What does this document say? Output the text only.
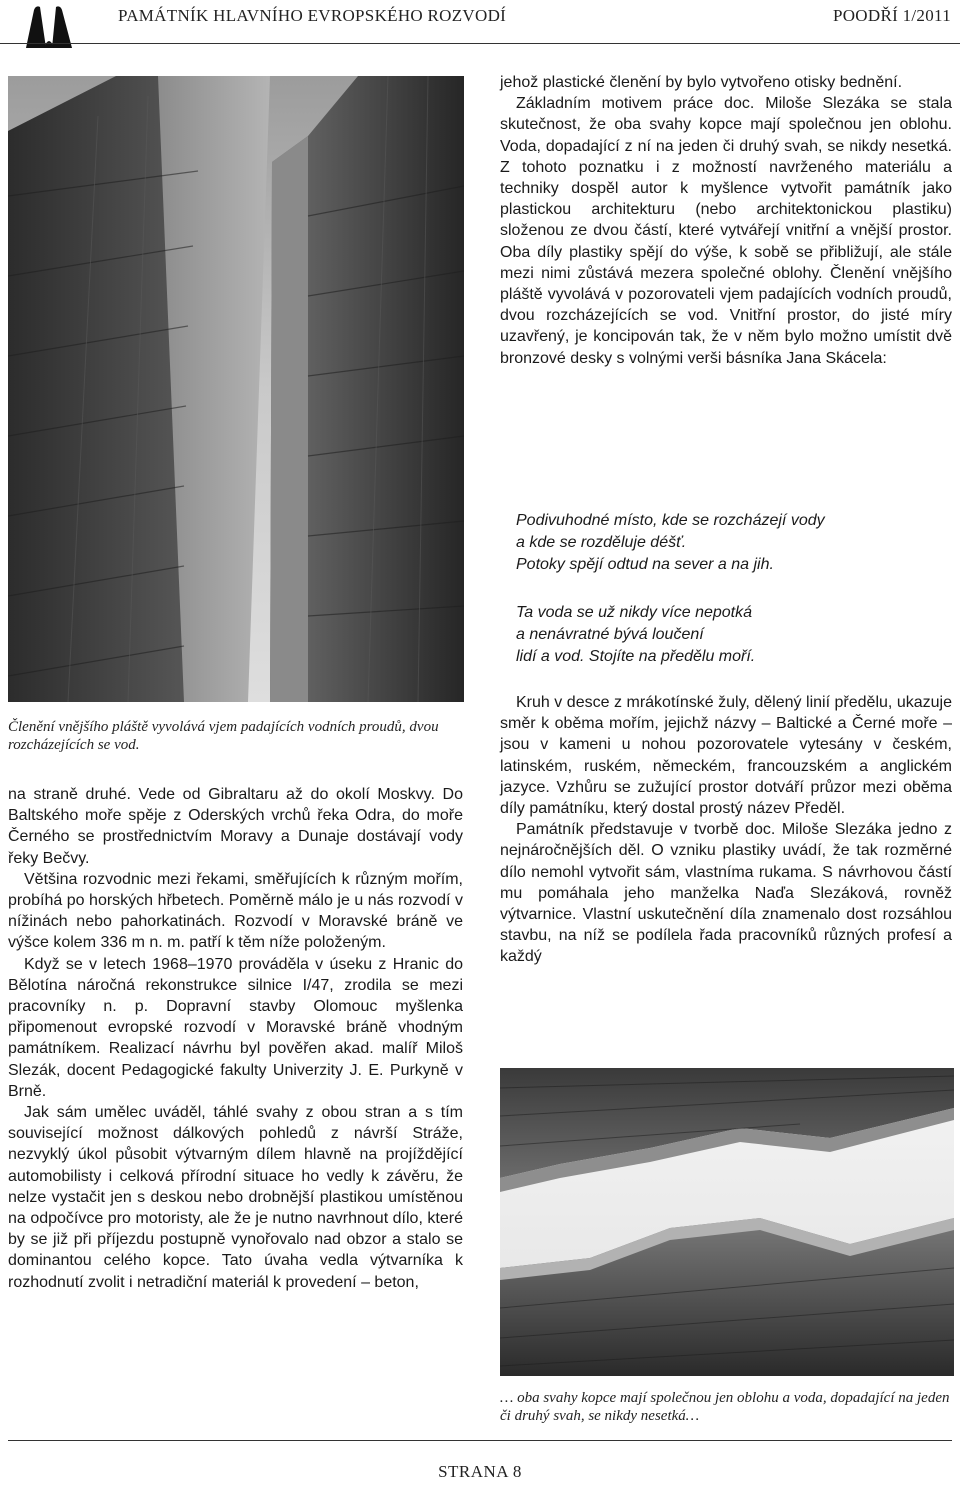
PAMÁTNÍK HLAVNÍHO EVROPSKÉHO ROZVODÍ	POODŘÍ 1/2011
Členění vnějšího pláště vyvolává vjem padajících vodních proudů, dvou rozcházejících se vod.

jehož plastické členění by bylo vytvořeno otisky bednění.

Základním motivem práce doc. Miloše Slezáka se stala skutečnost, že oba svahy kopce mají společnou jen oblohu. Voda, dopadající z ní na jeden či druhý svah, se nikdy nesetká. Z tohoto poznatku i z možností navrženého materiálu a techniky dospěl autor k myšlence vytvořit památník jako plastickou architekturu (nebo architektonickou plastiku) složenou ze dvou částí, které vytvářejí vnitřní a vnější prostor. Oba díly plastiky spějí do výše, k sobě se přibližují, ale stále mezi nimi zůstává mezera společné oblohy. Členění vnějšího pláště vyvolává v pozorovateli vjem padajících vodních proudů, dvou rozcházejících se vod. Vnitřní prostor, do jisté míry uzavřený, je koncipován tak, že v něm bylo možno umístit dvě bronzové desky s volnými verši básníka Jana Skácela:

Podivuhodné místo, kde se rozcházejí vody
a kde se rozděluje déšť.
Potoky spějí odtud na sever a na jih.
Ta voda se už nikdy více nepotká
a nenávratné bývá loučení
lidí a vod. Stojíte na předělu moří.

na straně druhé. Vede od Gibraltaru až do okolí Moskvy. Do Baltského moře spěje z Oderských vrchů řeka Odra, do moře Černého se prostřednictvím Moravy a Dunaje dostávají vody řeky Bečvy.

Většina rozvodnic mezi řekami, směřujících k různým mořím, probíhá po horských hřbetech. Poměrně málo je u nás rozvodí v nížinách nebo pahorkatinách. Rozvodí v Moravské bráně ve výšce kolem 336 m n. m. patří k těm níže položeným.

Když se v letech 1968–1970 prováděla v úseku z Hranic do Bělotína náročná rekonstrukce silnice I/47, zrodila se mezi pracovníky n. p. Dopravní stavby Olomouc myšlenka připomenout evropské rozvodí v Moravské bráně vhodným památníkem. Realizací návrhu byl pověřen akad. malíř Miloš Slezák, docent Pedagogické fakulty Univerzity J. E. Purkyně v Brně.

Jak sám umělec uváděl, táhlé svahy z obou stran a s tím související možnost dálkových pohledů z návrší Stráže, nezvyklý úkol působit výtvarným dílem hlavně na projíždějící automobilisty i celková přírodní situace ho vedly k závěru, že nelze vystačit jen s deskou nebo drobnější plastikou umístěnou na odpočívce pro motoristy, ale že je nutno navrhnout dílo, které by se již při příjezdu postupně vynořovalo nad obzor a stalo se dominantou celého kopce. Tato úvaha vedla výtvarníka k rozhodnutí zvolit i netradiční materiál k provedení – beton,

Kruh v desce z mrákotínské žuly, dělený linií předělu, ukazuje směr k oběma mořím, jejichž názvy – Baltické a Černé moře – jsou v kameni u nohou pozorovatele vytesány v českém, latinském, ruském, německém, francouzském a anglickém jazyce. Vzhůru se zužující prostor dotváří průzor mezi oběma díly památníku, který dostal prostý název Předěl.

Památník představuje v tvorbě doc. Miloše Slezáka jedno z nejnáročnějších děl. O vzniku plastiky uvádí, že tak rozměrné dílo nemohl vytvořit sám, vlastníma rukama. S návrhovou částí mu pomáhala jeho manželka Naďa Slezáková, rovněž výtvarnice. Vlastní uskutečnění díla znamenalo dost rozsáhlou stavbu, na níž se podílela řada pracovníků různých profesí a každý

… oba svahy kopce mají společnou jen oblohu a voda, dopadající na jeden či druhý svah, se nikdy nesetká…
STRANA 8
